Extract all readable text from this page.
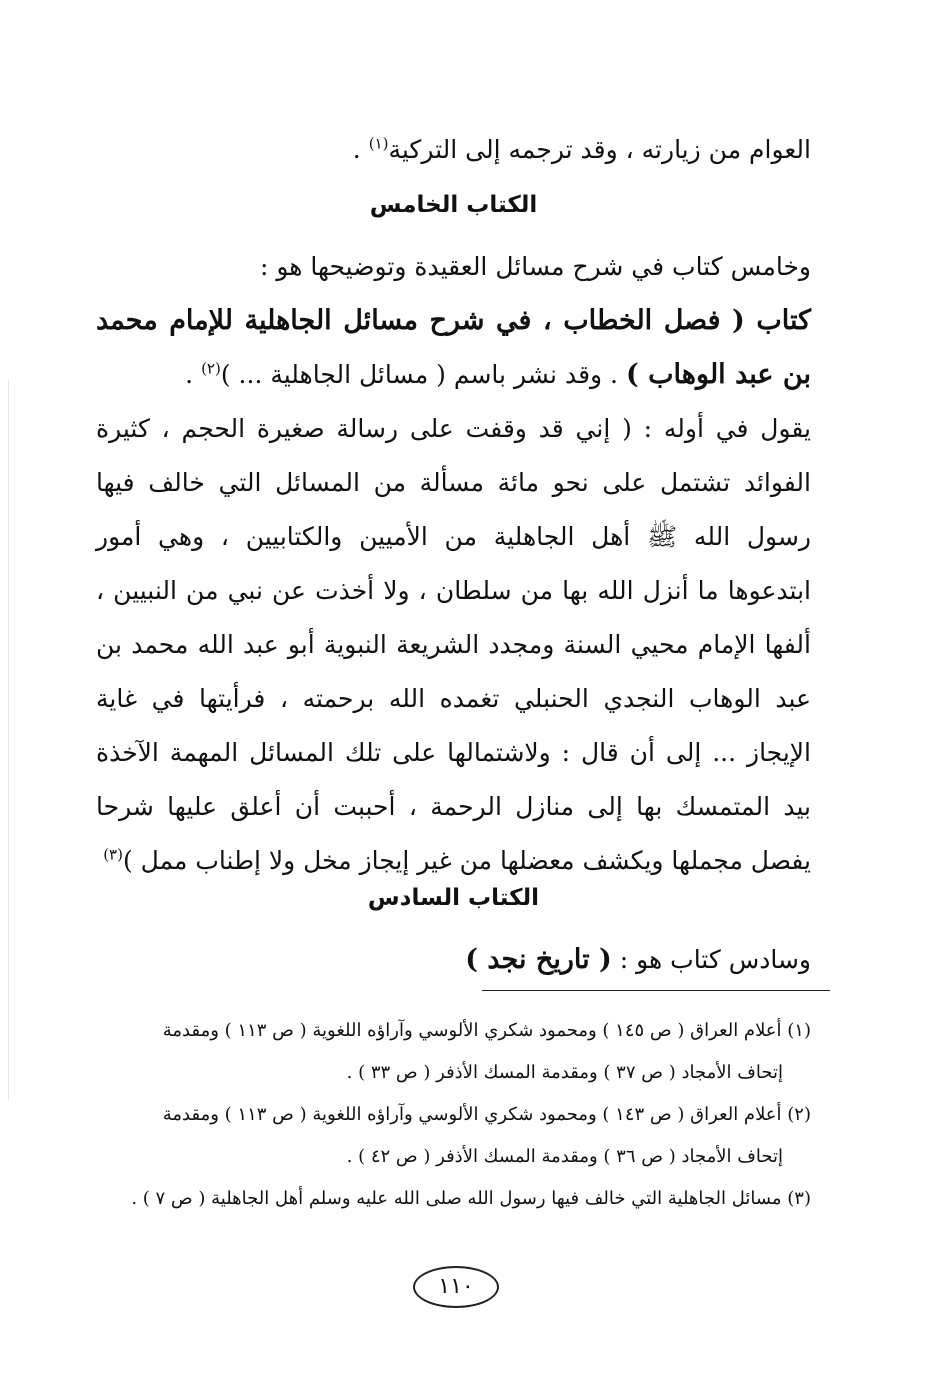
العوام من زيارته ، وقد ترجمه إلى التركية$^{(١)}$ .

الكتاب الخامس

وخامس كتاب في شرح مسائل العقيدة وتوضيحها هو :

كتاب ( فصل الخطاب ، في شرح مسائل الجاهلية للإمام محمد بن عبد الوهاب ) . وقد نشر باسم ( مسائل الجاهلية ... )$^{(٢)}$ .

يقول في أوله : ( إني قد وقفت على رسالة صغيرة الحجم ، كثيرة الفوائد تشتمل على نحو مائة مسألة من المسائل التي خالف فيها رسول الله ﷺ أهل الجاهلية من الأميين والكتابيين ، وهي أمور ابتدعوها ما أنزل الله بها من سلطان ، ولا أخذت عن نبي من النبيين ، ألفها الإمام محيي السنة ومجدد الشريعة النبوية أبو عبد الله محمد بن عبد الوهاب النجدي الحنبلي تغمده الله برحمته ، فرأيتها في غاية الإيجاز ... إلى أن قال : ولاشتمالها على تلك المسائل المهمة الآخذة بيد المتمسك بها إلى منازل الرحمة ، أحببت أن أعلق عليها شرحا يفصل مجملها ويكشف معضلها من غير إيجاز مخل ولا إطناب ممل )$^{(٣)}$

الكتاب السادس

وسادس كتاب هو : ( تاريخ نجد )

(١) أعلام العراق ( ص ١٤٥ ) ومحمود شكري الألوسي وآراؤه اللغوية ( ص ١١٣ ) ومقدمة
إتحاف الأمجاد ( ص ٣٧ ) ومقدمة المسك الأذفر ( ص ٣٣ ) .

(٢) أعلام العراق ( ص ١٤٣ ) ومحمود شكري الألوسي وآراؤه اللغوية ( ص ١١٣ ) ومقدمة
إتحاف الأمجاد ( ص ٣٦ ) ومقدمة المسك الأذفر ( ص ٤٢ ) .

(٣) مسائل الجاهلية التي خالف فيها رسول الله صلى الله عليه وسلم أهل الجاهلية ( ص ٧ ) .

١١٠
